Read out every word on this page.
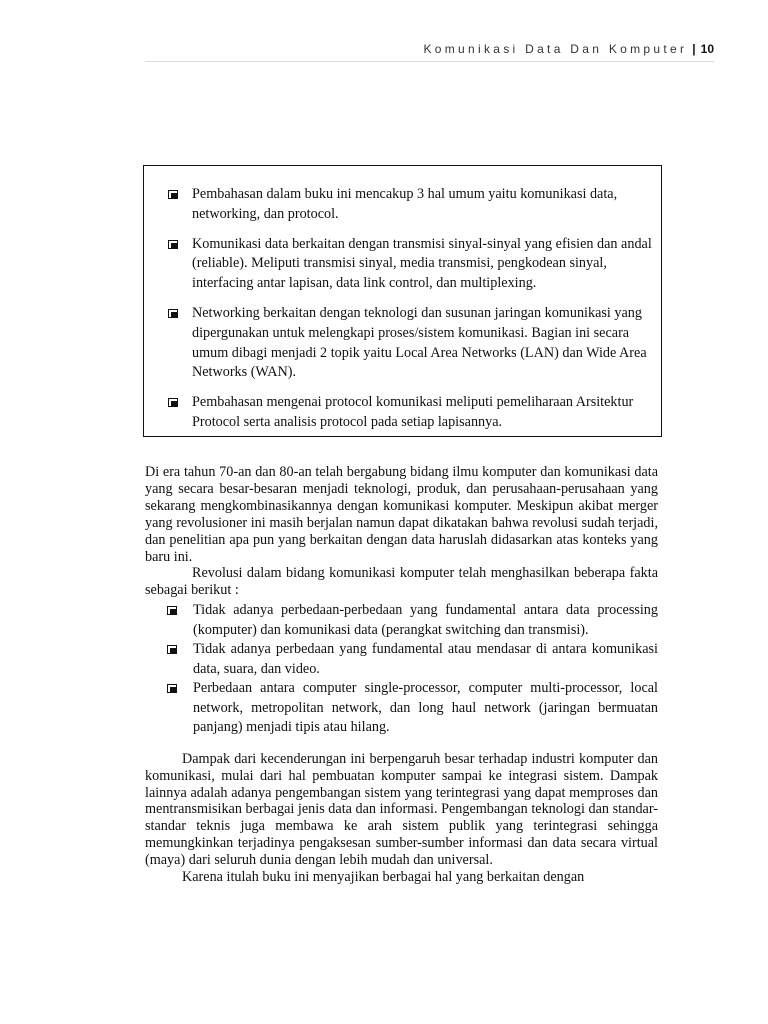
Komunikasi Data Dan Komputer | 10
Pembahasan dalam buku ini mencakup 3 hal umum yaitu komunikasi data, networking, dan protocol.
Komunikasi data berkaitan dengan transmisi sinyal-sinyal yang efisien dan andal (reliable). Meliputi transmisi sinyal, media transmisi, pengkodean sinyal, interfacing antar lapisan, data link control, dan multiplexing.
Networking berkaitan dengan teknologi dan susunan jaringan komunikasi yang dipergunakan untuk melengkapi proses/sistem komunikasi. Bagian ini secara umum dibagi menjadi 2 topik yaitu Local Area Networks (LAN) dan Wide Area Networks (WAN).
Pembahasan mengenai protocol komunikasi meliputi pemeliharaan Arsitektur Protocol serta analisis protocol pada setiap lapisannya.

Di era tahun 70-an dan 80-an telah bergabung bidang ilmu komputer dan komunikasi data yang secara besar-besaran menjadi teknologi, produk, dan perusahaan-perusahaan yang sekarang mengkombinasikannya dengan komunikasi komputer. Meskipun akibat merger yang revolusioner ini masih berjalan namun dapat dikatakan bahwa revolusi sudah terjadi, dan penelitian apa pun yang berkaitan dengan data haruslah didasarkan atas konteks yang baru ini.

Revolusi dalam bidang komunikasi komputer telah menghasilkan beberapa fakta sebagai berikut :

Tidak adanya perbedaan-perbedaan yang fundamental antara data processing (komputer) dan komunikasi data (perangkat switching dan transmisi).
Tidak adanya perbedaan yang fundamental atau mendasar di antara komunikasi data, suara, dan video.
Perbedaan antara computer single-processor, computer multi-processor, local network, metropolitan network, dan long haul network (jaringan bermuatan panjang) menjadi tipis atau hilang.

Dampak dari kecenderungan ini berpengaruh besar terhadap industri komputer dan komunikasi, mulai dari hal pembuatan komputer sampai ke integrasi sistem. Dampak lainnya adalah adanya pengembangan sistem yang terintegrasi yang dapat memproses dan mentransmisikan berbagai jenis data dan informasi. Pengembangan teknologi dan standar-standar teknis juga membawa ke arah sistem publik yang terintegrasi sehingga memungkinkan terjadinya pengaksesan sumber-sumber informasi dan data secara virtual (maya) dari seluruh dunia dengan lebih mudah dan universal.

Karena itulah buku ini menyajikan berbagai hal yang berkaitan dengan
